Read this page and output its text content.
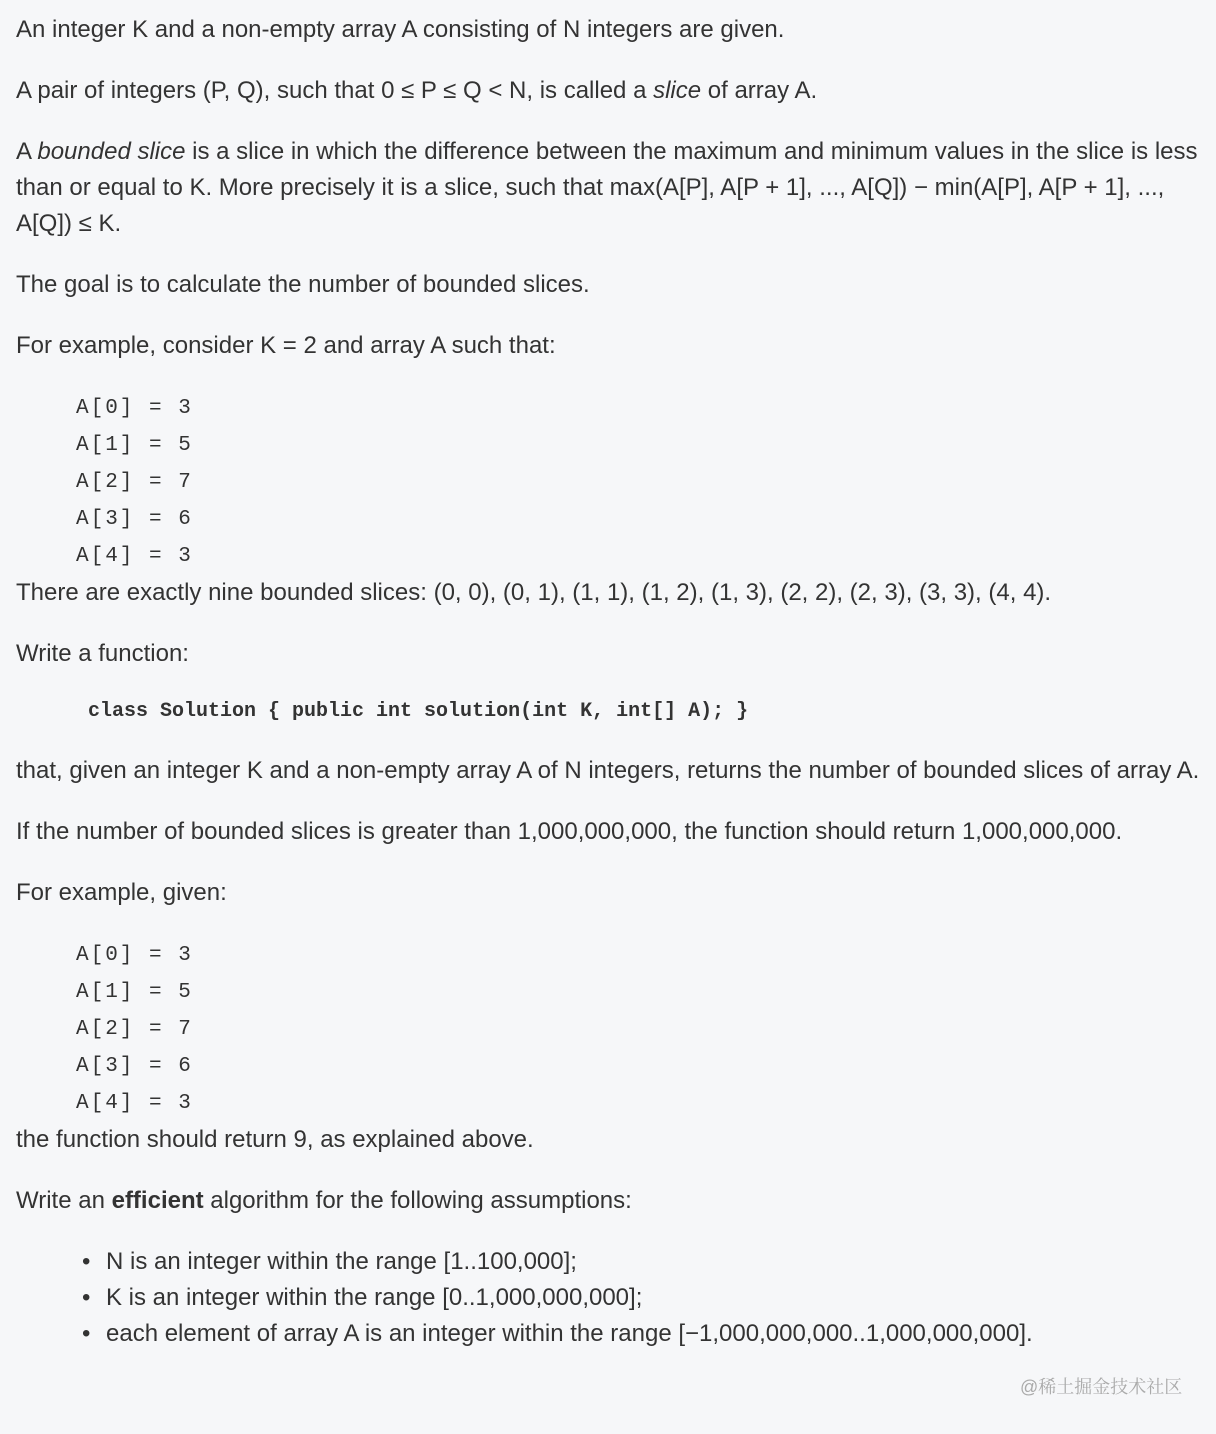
An integer K and a non-empty array A consisting of N integers are given.

A pair of integers (P, Q), such that 0 ≤ P ≤ Q < N, is called a slice of array A.

A bounded slice is a slice in which the difference between the maximum and minimum values in the slice is less than or equal to K. More precisely it is a slice, such that max(A[P], A[P + 1], ..., A[Q]) − min(A[P], A[P + 1], ..., A[Q]) ≤ K.

The goal is to calculate the number of bounded slices.

For example, consider K = 2 and array A such that:

A[0] = 3
A[1] = 5
A[2] = 7
A[3] = 6
A[4] = 3

There are exactly nine bounded slices: (0, 0), (0, 1), (1, 1), (1, 2), (1, 3), (2, 2), (2, 3), (3, 3), (4, 4).

Write a function:

class Solution { public int solution(int K, int[] A); }

that, given an integer K and a non-empty array A of N integers, returns the number of bounded slices of array A.

If the number of bounded slices is greater than 1,000,000,000, the function should return 1,000,000,000.

For example, given:

A[0] = 3
A[1] = 5
A[2] = 7
A[3] = 6
A[4] = 3

the function should return 9, as explained above.

Write an efficient algorithm for the following assumptions:

• N is an integer within the range [1..100,000];
• K is an integer within the range [0..1,000,000,000];
• each element of array A is an integer within the range [−1,000,000,000..1,000,000,000].
@稀土掘金技术社区
